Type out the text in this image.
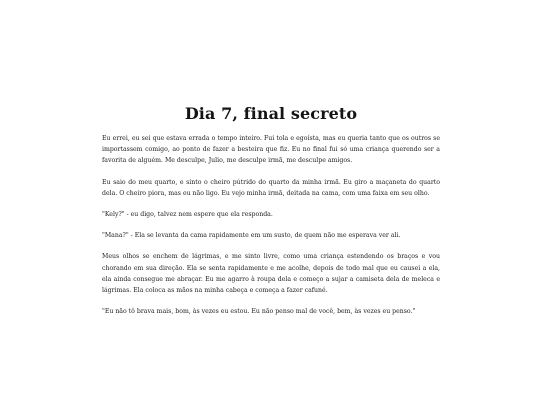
Dia 7, final secreto

Eu errei, eu sei que estava errada o tempo inteiro. Fui tola e egoísta, mas eu queria tanto que os outros se importassem comigo, ao ponto de fazer a besteira que fiz. Eu no final fui só uma criança querendo ser a favorita de alguém. Me desculpe, Julio, me desculpe irmã, me desculpe amigos.

Eu saio do meu quarto, e sinto o cheiro pútrido do quarto da minha irmã. Eu giro a maçaneta do quarto dela. O cheiro piora, mas eu não ligo. Eu vejo minha irmã, deitada na cama, com uma faixa em seu olho.

"Kely?" - eu digo, talvez nem espere que ela responda.

"Mana?" - Ela se levanta da cama rapidamente em um susto, de quem não me esperava ver ali.

Meus olhos se enchem de lágrimas, e me sinto livre, como uma criança estendendo os braços e vou chorando em sua direção. Ela se senta rapidamente e me acolhe, depois de todo mal que eu causei a ela, ela ainda consegue me abraçar. Eu me agarro à roupa dela e começo a sujar a camiseta dela de meleca e lágrimas. Ela coloca as mãos na minha cabeça e começa a fazer cafuné.

"Eu não tô brava mais, bom, às vezes eu estou. Eu não penso mal de você, bem, às vezes eu penso."
